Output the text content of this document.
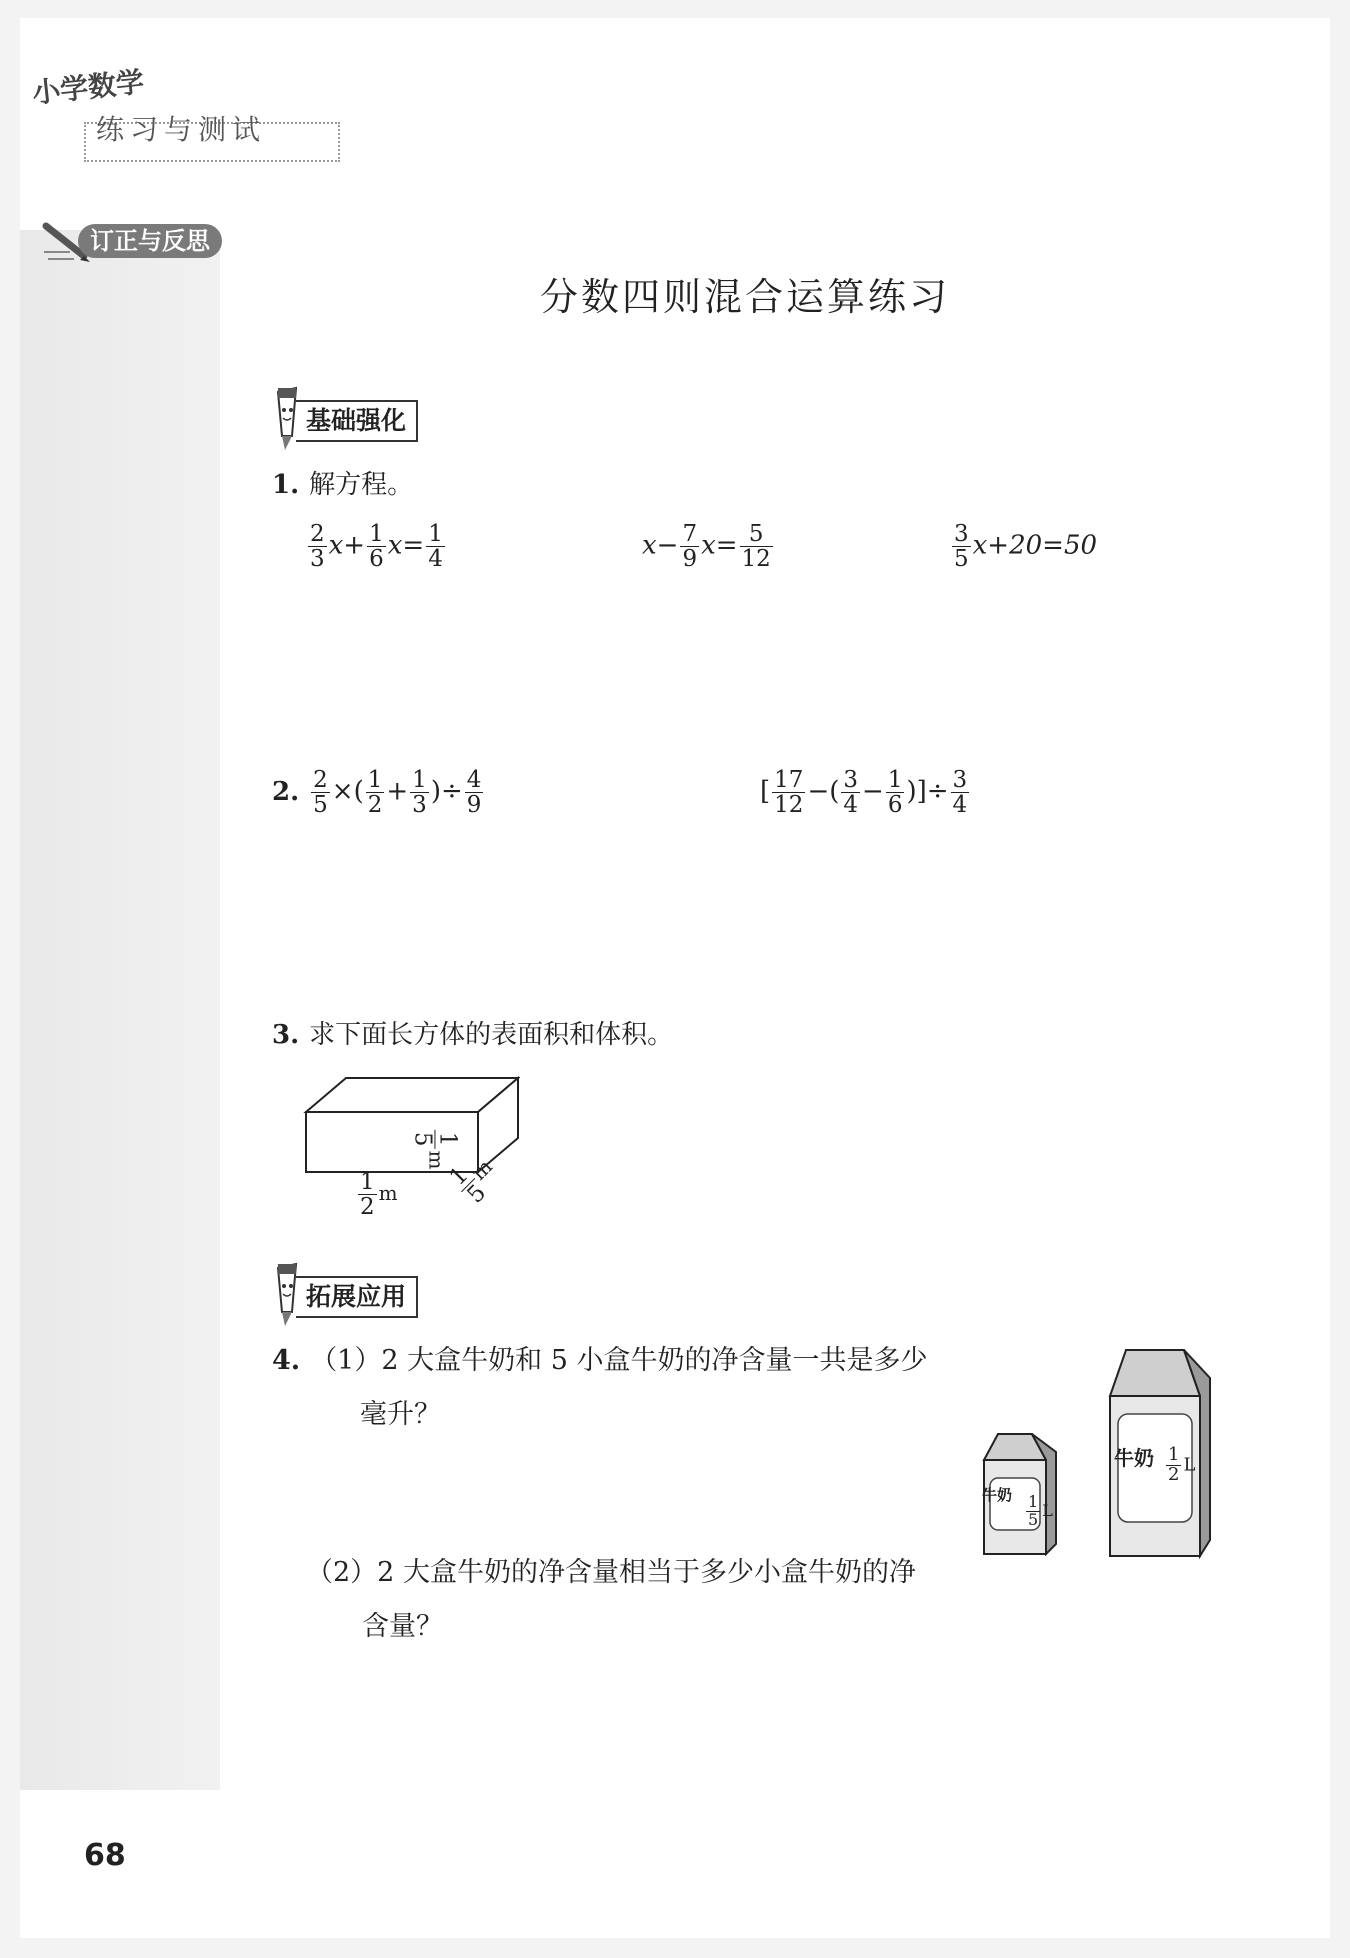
小学数学
练习与测试
订正与反思
分数四则混合运算练习
基础强化
1. 解方程。
$\frac{2}{3} x+ \frac{1}{6} x= \frac{1}{4}$	$x- \frac{7}{9} x= \frac{5}{12}$	$\frac{3}{5} x+20=50$
2. $\frac{2}{5}$ ×( $\frac{1}{2} + \frac{1}{3}$ )÷ $\frac{4}{9}$	[ $\frac{17}{12}$ −( $\frac{3}{4} - \frac{1}{6}$ )]÷ $\frac{3}{4}$
3. 求下面长方体的表面积和体积。
$\frac{1}{2}$ m
1
5
m
1
5
m
拓展应用
4. （1）2 大盒牛奶和 5 小盒牛奶的净含量一共是多少
毫升？
（2）2 大盒牛奶的净含量相当于多少小盒牛奶的净
含量？
牛奶 $\frac{1}{5}$ L
牛奶 $\frac{1}{2}$ L
68
